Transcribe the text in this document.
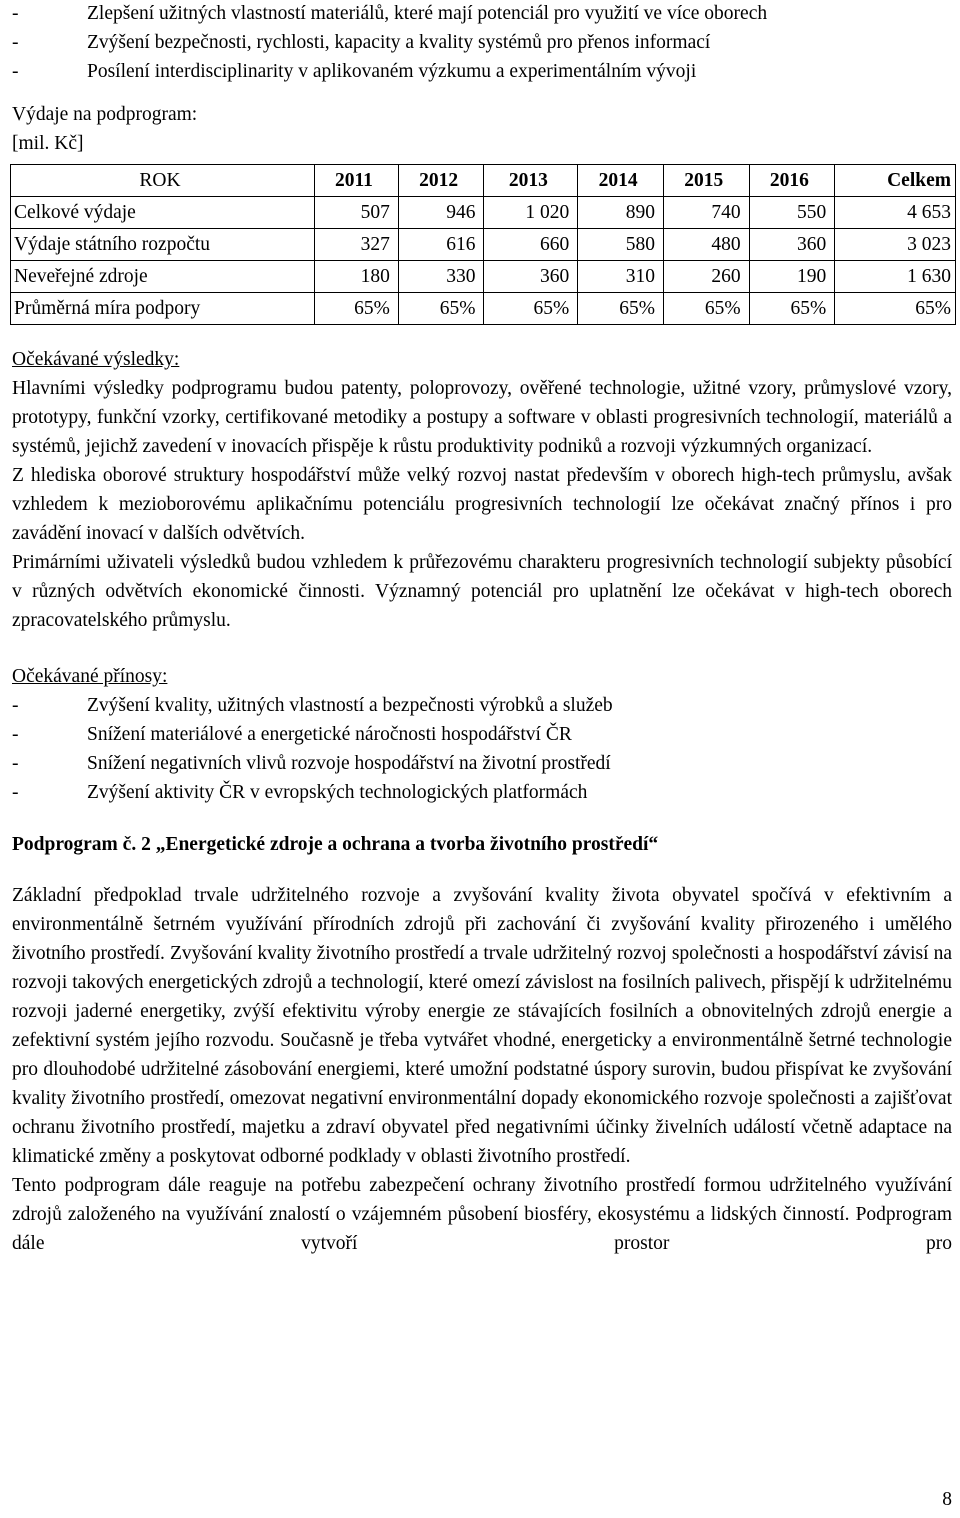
-	Zlepšení užitných vlastností materiálů, které mají potenciál pro využití ve více oborech
-	Zvýšení bezpečnosti, rychlosti, kapacity a kvality systémů pro přenos informací
-	Posílení interdisciplinarity v aplikovaném výzkumu a experimentálním vývoji
Výdaje na podprogram:
[mil. Kč]
ROK	2011	2012	2013	2014	2015	2016	Celkem
Celkové výdaje	507	946	1 020	890	740	550	4 653
Výdaje státního rozpočtu	327	616	660	580	480	360	3 023
Neveřejné zdroje	180	330	360	310	260	190	1 630
Průměrná míra podpory	65%	65%	65%	65%	65%	65%	65%
Očekávané výsledky:

Hlavními výsledky podprogramu budou patenty, poloprovozy, ověřené technologie, užitné vzory, průmyslové vzory, prototypy, funkční vzorky, certifikované metodiky a postupy a software v oblasti progresivních technologií, materiálů a systémů, jejichž zavedení v inovacích přispěje k růstu produktivity podniků a rozvoji výzkumných organizací.

Z hlediska oborové struktury hospodářství může velký rozvoj nastat především v oborech high-tech průmyslu, avšak vzhledem k mezioborovému aplikačnímu potenciálu progresivních technologií lze očekávat značný přínos i pro zavádění inovací v dalších odvětvích.

Primárními uživateli výsledků budou vzhledem k průřezovému charakteru progresivních technologií subjekty působící v různých odvětvích ekonomické činnosti. Významný potenciál pro uplatnění lze očekávat v high-tech oborech zpracovatelského průmyslu.

Očekávané přínosy:
-	Zvýšení kvality, užitných vlastností a bezpečnosti výrobků a služeb
-	Snížení materiálové a energetické náročnosti hospodářství ČR
-	Snížení negativních vlivů rozvoje hospodářství na životní prostředí
-	Zvýšení aktivity ČR v evropských technologických platformách
Podprogram č. 2 „Energetické zdroje a ochrana a tvorba životního prostředí“

Základní předpoklad trvale udržitelného rozvoje a zvyšování kvality života obyvatel spočívá v efektivním a environmentálně šetrném využívání přírodních zdrojů při zachování či zvyšování kvality přirozeného i umělého životního prostředí. Zvyšování kvality životního prostředí a trvale udržitelný rozvoj společnosti a hospodářství závisí na rozvoji takových energetických zdrojů a technologií, které omezí závislost na fosilních palivech, přispějí k udržitelnému rozvoji jaderné energetiky, zvýší efektivitu výroby energie ze stávajících fosilních a obnovitelných zdrojů energie a zefektivní systém jejího rozvodu. Současně je třeba vytvářet vhodné, energeticky a environmentálně šetrné technologie pro dlouhodobé udržitelné zásobování energiemi, které umožní podstatné úspory surovin, budou přispívat ke zvyšování kvality životního prostředí, omezovat negativní environmentální dopady ekonomického rozvoje společnosti a zajišťovat ochranu životního prostředí, majetku a zdraví obyvatel před negativními účinky živelních událostí včetně adaptace na klimatické změny a poskytovat odborné podklady v oblasti životního prostředí.

Tento podprogram dále reaguje na potřebu zabezpečení ochrany životního prostředí formou udržitelného využívání zdrojů založeného na využívání znalostí o vzájemném působení biosféry, ekosystému a lidských činností. Podprogram dále vytvoří prostor pro

8
